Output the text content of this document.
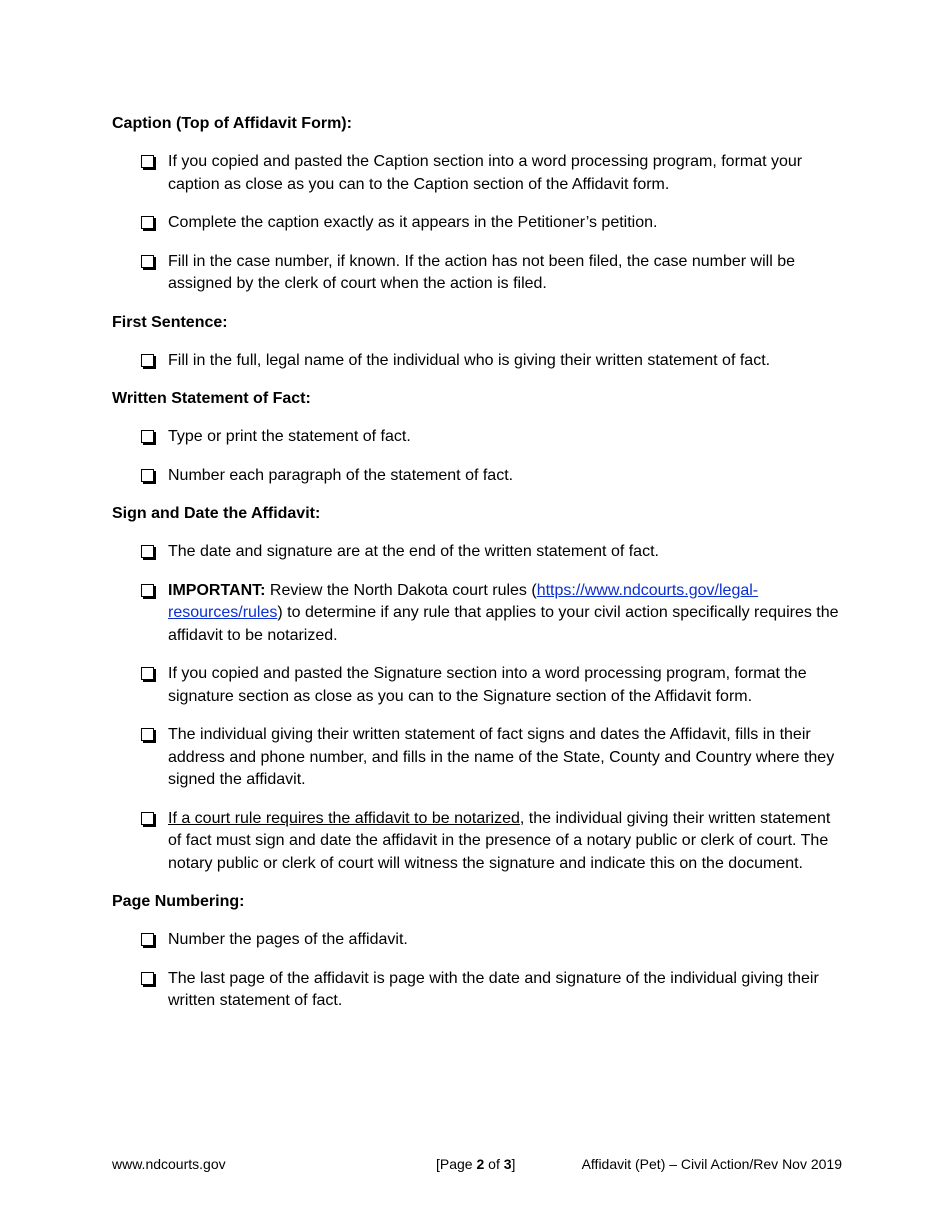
Caption (Top of Affidavit Form):
If you copied and pasted the Caption section into a word processing program, format your caption as close as you can to the Caption section of the Affidavit form.
Complete the caption exactly as it appears in the Petitioner’s petition.
Fill in the case number, if known. If the action has not been filed, the case number will be assigned by the clerk of court when the action is filed.
First Sentence:
Fill in the full, legal name of the individual who is giving their written statement of fact.
Written Statement of Fact:
Type or print the statement of fact.
Number each paragraph of the statement of fact.
Sign and Date the Affidavit:
The date and signature are at the end of the written statement of fact.
IMPORTANT: Review the North Dakota court rules (https://www.ndcourts.gov/legal-
resources/rules) to determine if any rule that applies to your civil action specifically requires the affidavit to be notarized.
If you copied and pasted the Signature section into a word processing program, format the signature section as close as you can to the Signature section of the Affidavit form.
The individual giving their written statement of fact signs and dates the Affidavit, fills in their address and phone number, and fills in the name of the State, County and Country where they signed the affidavit.
If a court rule requires the affidavit to be notarized, the individual giving their written statement of fact must sign and date the affidavit in the presence of a notary public or clerk of court. The notary public or clerk of court will witness the signature and indicate this on the document.
Page Numbering:
Number the pages of the affidavit.
The last page of the affidavit is page with the date and signature of the individual giving their written statement of fact.
www.ndcourts.gov	[Page 2 of 3]	Affidavit (Pet) – Civil Action/Rev Nov 2019
